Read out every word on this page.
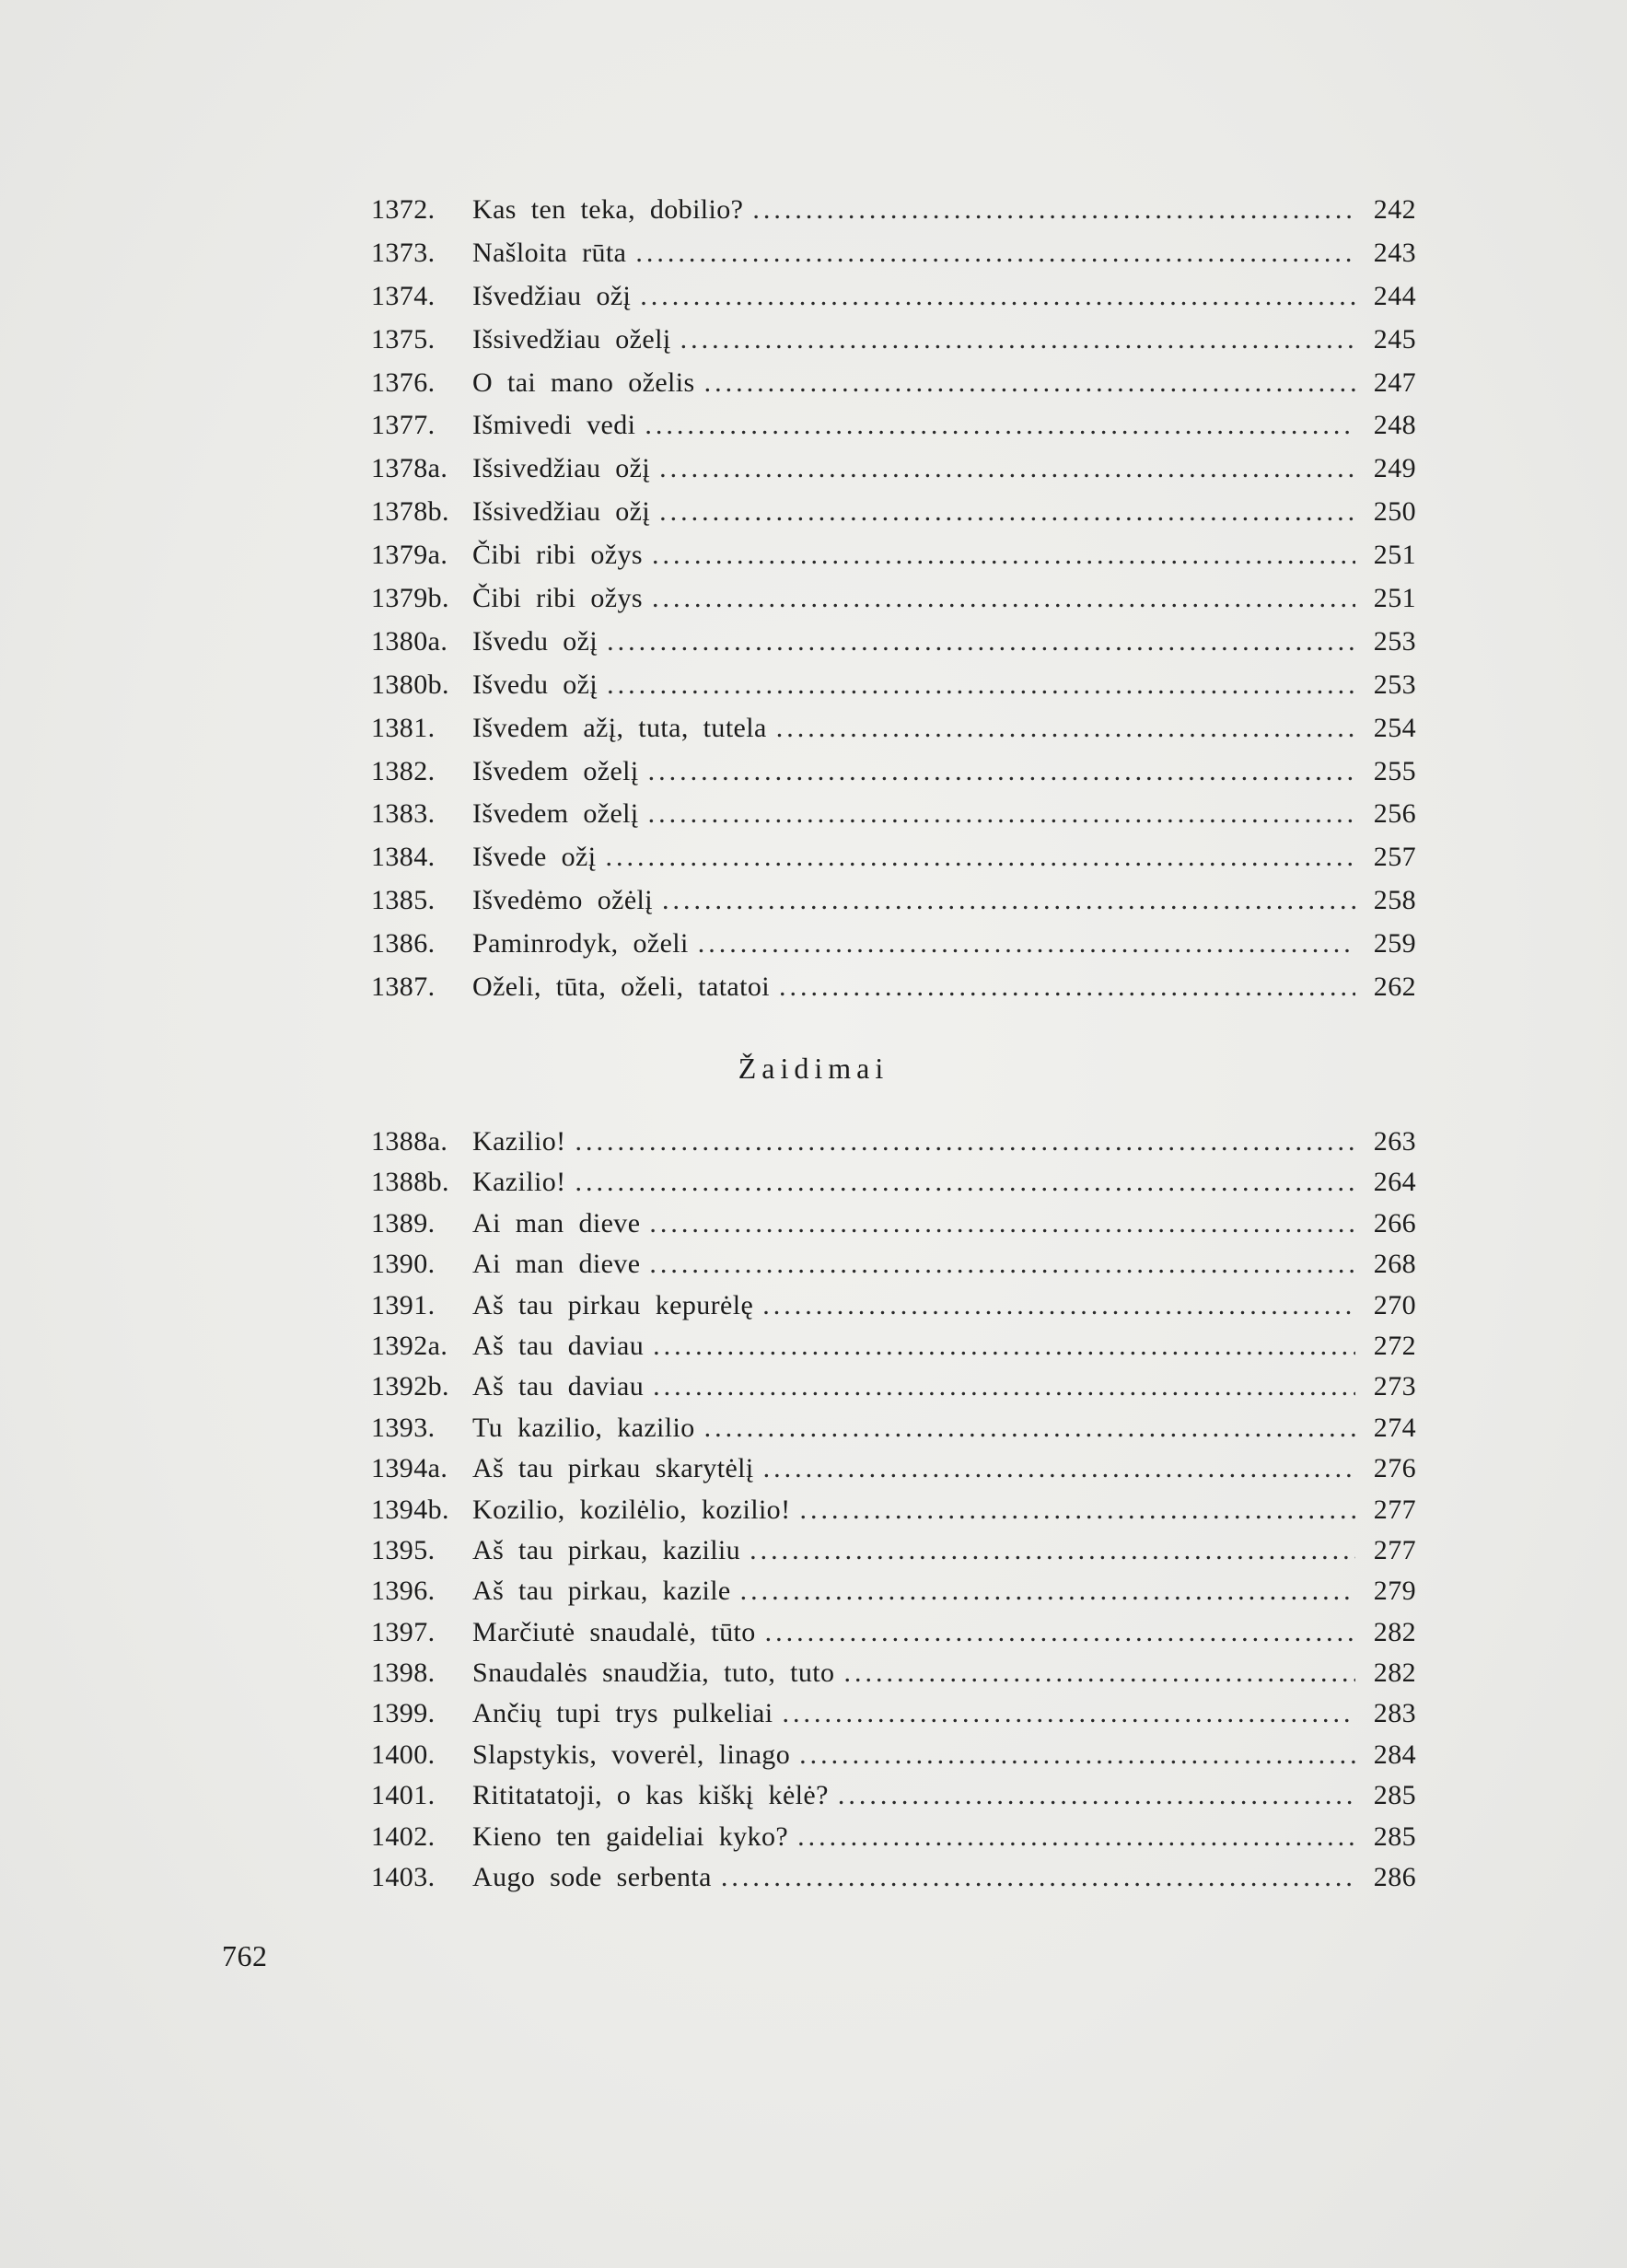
1372.	Kas ten teka, dobilio? .....	242
1373.	Našloita rūta .....	243
1374.	Išvedžiau ožį .....	244
1375.	Išsivedžiau oželį .....	245
1376.	O tai mano oželis .....	247
1377.	Išmivedi vedi .....	248
1378a. Išsivedžiau ožį .....	249
1378b. Išsivedžiau ožį .....	250
1379a. Čibi ribi ožys .....	251
1379b. Čibi ribi ožys .....	251
1380a. Išvedu ožį .....	253
1380b. Išvedu ožį .....	253
1381.	Išvedem ažį, tuta, tutela .....	254
1382.	Išvedem oželį .....	255
1383.	Išvedem oželį .....	256
1384.	Išvede ožį .....	257
1385.	Išvedėmo ožėlį .....	258
1386.	Paminrodyk, oželi .....	259
1387.	Oželi, tūta, oželi, tatatoi .....	262
Žaidimai
1388a. Kazilio! .....	263
1388b. Kazilio! .....	264
1389.	Ai man dieve .....	266
1390.	Ai man dieve .....	268
1391.	Aš tau pirkau kepurėlę .....	270
1392a. Aš tau daviau .....	272
1392b. Aš tau daviau .....	273
1393.	Tu kazilio, kazilio .....	274
1394a. Aš tau pirkau skarytėlį .....	276
1394b. Kozilio, kozilėlio, kozilio! .....	277
1395.	Aš tau pirkau, kaziliu .....	277
1396.	Aš tau pirkau, kazile .....	279
1397.	Marčiutė snaudalė, tūto .....	282
1398.	Snaudalės snaudžia, tuto, tuto .....	282
1399.	Ančių tupi trys pulkeliai .....	283
1400.	Slapstykis, voverėl, linago .....	284
1401.	Rititatatoji, o kas kiškį kėlė? .....	285
1402.	Kieno ten gaideliai kyko? .....	285
1403.	Augo sode serbenta .....	286
762
